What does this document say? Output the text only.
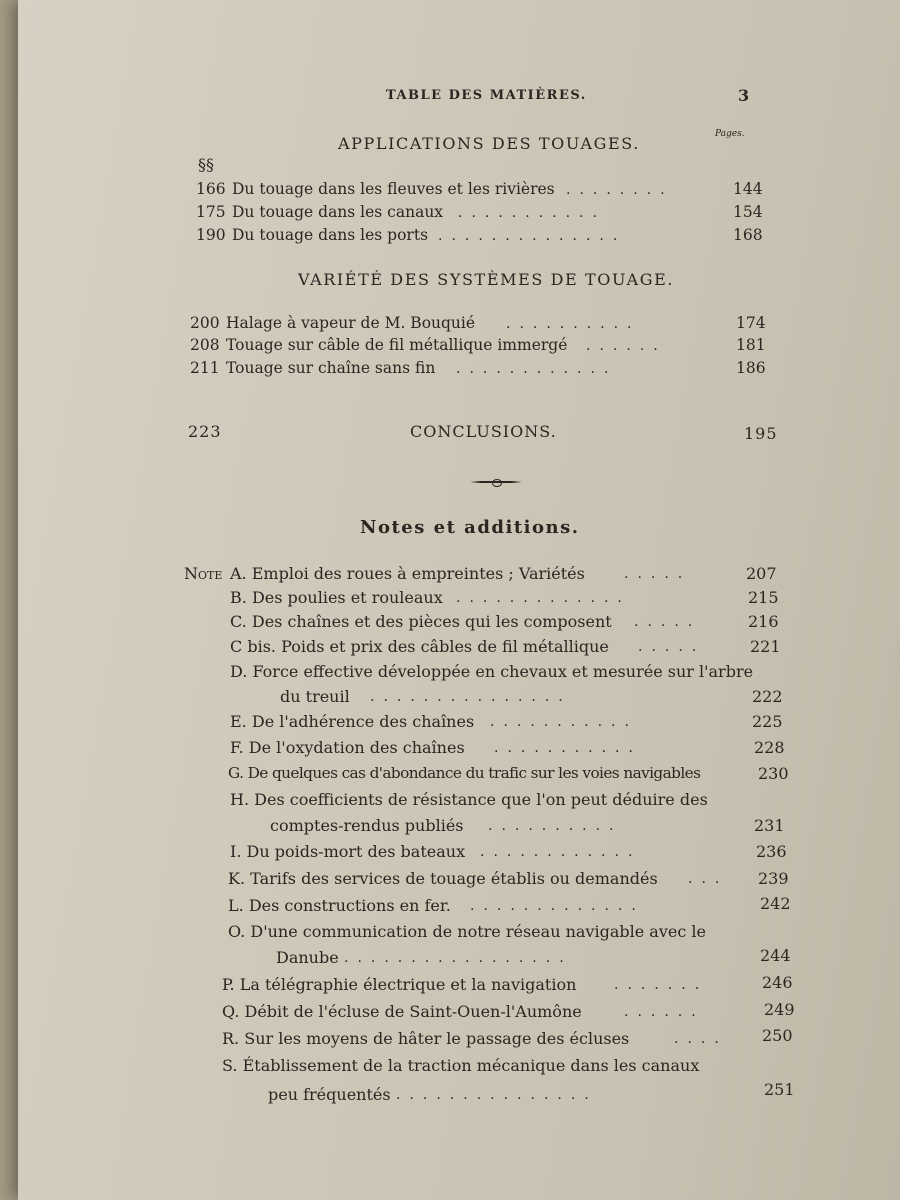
TABLE DES MATIÈRES.	3
Pages.
APPLICATIONS DES TOUAGES.
§§
166 Du touage dans les fleuves et les rivières ........	144
175 Du touage dans les canaux ...........	154
190 Du touage dans les ports ..............	168
VARIÉTÉ DES SYSTÈMES DE TOUAGE.
200 Halage à vapeur de M. Bouquié ..........	174
208 Touage sur câble de fil métallique immergé ......	181
211 Touage sur chaîne sans fin ............	186
223	CONCLUSIONS.	195
Notes et additions.
Note A. Emploi des roues à empreintes ; Variétés	.....	207
B. Des poulies et rouleaux .............	215
C. Des chaînes et des pièces qui les composent .....	216
C bis. Poids et prix des câbles de fil métallique .....	221
D. Force effective développée en chevaux et mesurée sur l'arbre
du treuil ...............	222
E. De l'adhérence des chaînes ...........	225
F. De l'oxydation des chaînes ...........	228
G. De quelques cas d'abondance du trafic sur les voies navigables	230
H. Des coefficients de résistance que l'on peut déduire des
comptes-rendus publiés ..........	231
I. Du poids-mort des bateaux ............	236
K. Tarifs des services de touage établis ou demandés ... 239
L. Des constructions en fer. .............	242
O. D'une communication de notre réseau navigable avec le
Danube .................	244
P. La télégraphie électrique et la navigation	.......	246
Q. Débit de l'écluse de Saint-Ouen-l'Aumône	......	249
R. Sur les moyens de hâter le passage des écluses	.... 250
S. Établissement de la traction mécanique dans les canaux
peu fréquentés ...............	251
